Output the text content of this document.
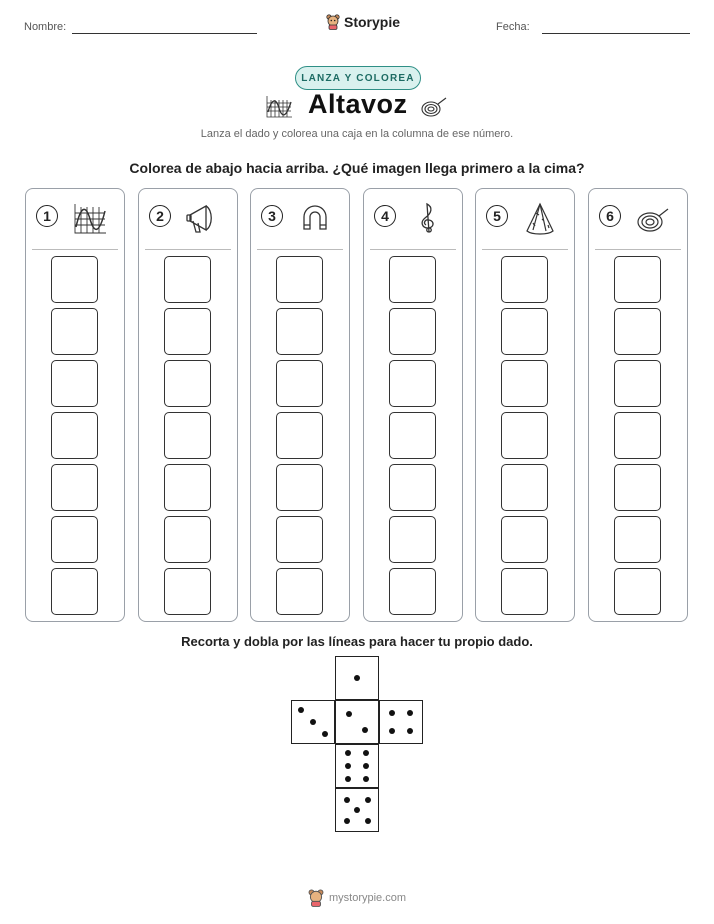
Nombre:	Storypie	Fecha:
LANZA Y COLOREA
Altavoz
Lanza el dado y colorea una caja en la columna de ese número.
Colorea de abajo hacia arriba. ¿Qué imagen llega primero a la cima?
1	2	3	4	5	6
Recorta y dobla por las líneas para hacer tu propio dado.
mystorypie.com
